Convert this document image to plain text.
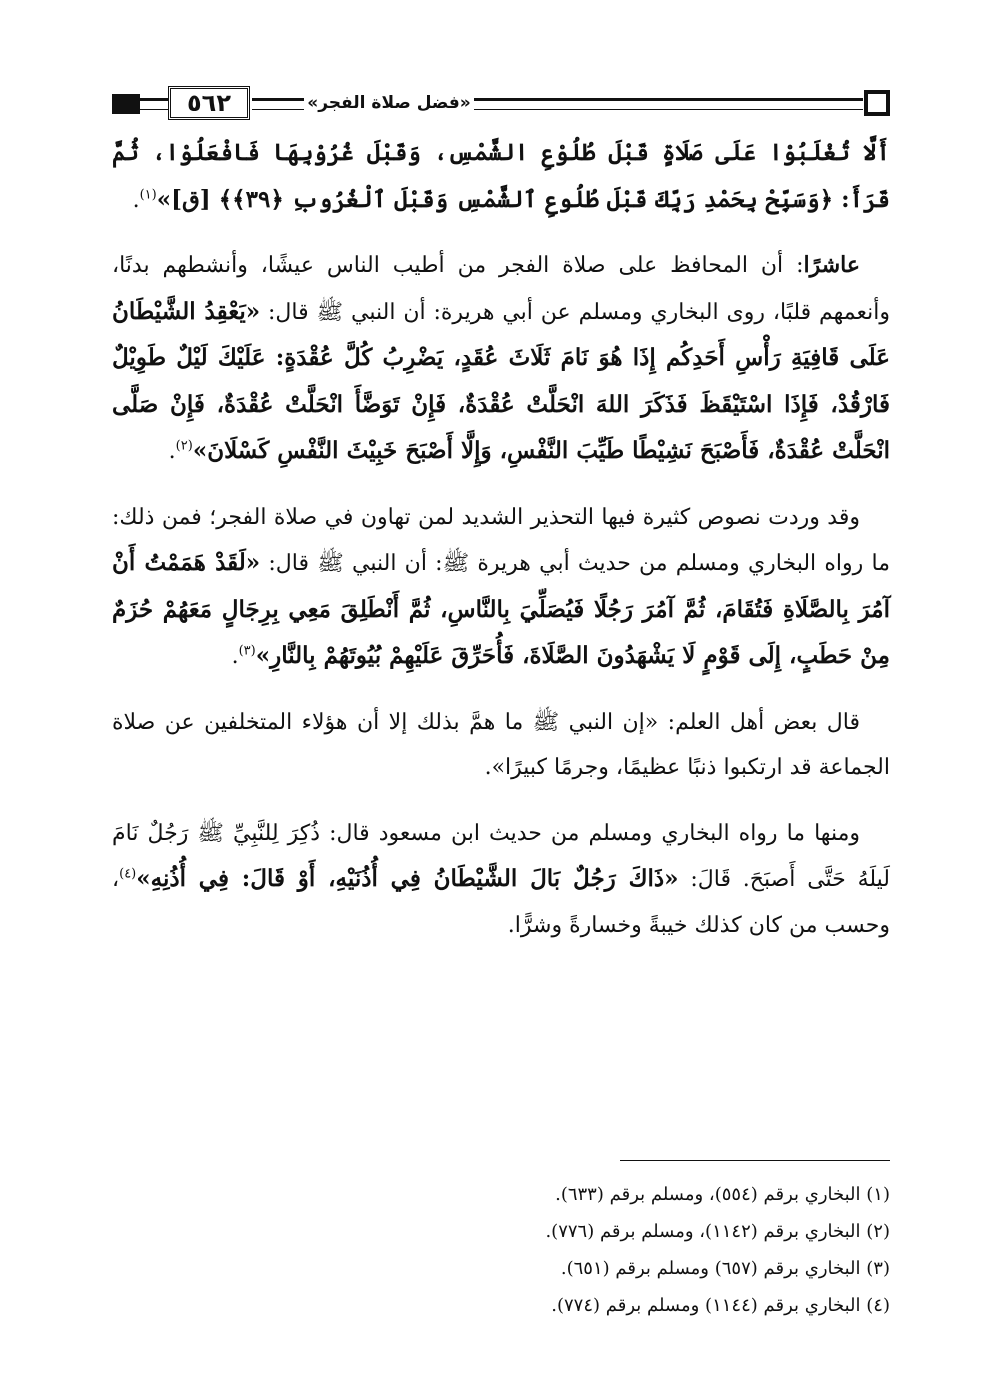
٥٦٢	«فضل صلاة الفجر»

أَلَّا تُغْلَبُوْا عَلَى صَلَاةٍ قَبْلَ طُلُوْعِ الشَّمْسِ، وَقَبْلَ غُرُوْبِهَا فَافْعَلُوْا، ثُمَّ قَرَأَ: ﴿وَسَبِّحْ بِحَمْدِ رَبِّكَ قَبْلَ طُلُوعِ ٱلشَّمْسِ وَقَبْلَ ٱلْغُرُوبِ ﴿٣٩﴾﴾ [ق]»$^{(١)}$.

عاشرًا: أن المحافظ على صلاة الفجر من أطيب الناس عيشًا، وأنشطهم بدنًا، وأنعمهم قلبًا، روى البخاري ومسلم عن أبي هريرة: أن النبي ﷺ قال: «يَعْقِدُ الشَّيْطَانُ عَلَى قَافِيَةِ رَأْسِ أَحَدِكُم إِذَا هُوَ نَامَ ثَلَاثَ عُقَدٍ، يَضْرِبُ كُلَّ عُقْدَةٍ: عَلَيْكَ لَيْلٌ طَوِيْلٌ فَارْقُدْ، فَإِذَا اسْتَيْقَظَ فَذَكَرَ اللهَ انْحَلَّتْ عُقْدَةٌ، فَإِنْ تَوَضَّأَ انْحَلَّتْ عُقْدَةٌ، فَإِنْ صَلَّى انْحَلَّتْ عُقْدَةٌ، فَأَصْبَحَ نَشِيْطًا طَيِّبَ النَّفْسِ، وَإِلَّا أَصْبَحَ خَبِيْثَ النَّفْسِ كَسْلَانَ»$^{(٢)}$.

وقد وردت نصوص كثيرة فيها التحذير الشديد لمن تهاون في صلاة الفجر؛ فمن ذلك: ما رواه البخاري ومسلم من حديث أبي هريرة ﷺ: أن النبي ﷺ قال: «لَقَدْ هَمَمْتُ أَنْ آمُرَ بِالصَّلَاةِ فَتُقَامَ، ثُمَّ آمُرَ رَجُلًا فَيُصَلِّيَ بِالنَّاسِ، ثُمَّ أَنْطَلِقَ مَعِي بِرِجَالٍ مَعَهُمْ حُزَمٌ مِنْ حَطَبٍ، إِلَى قَوْمٍ لَا يَشْهَدُونَ الصَّلَاةَ، فَأُحَرِّقَ عَلَيْهِمْ بُيُوتَهُمْ بِالنَّارِ»$^{(٣)}$.

قال بعض أهل العلم: «إن النبي ﷺ ما همَّ بذلك إلا أن هؤلاء المتخلفين عن صلاة الجماعة قد ارتكبوا ذنبًا عظيمًا، وجرمًا كبيرًا».

ومنها ما رواه البخاري ومسلم من حديث ابن مسعود قال: ذُكِرَ لِلنَّبِيِّ ﷺ رَجُلٌ نَامَ لَيلَهُ حَتَّى أَصبَحَ. قَالَ: «ذَاكَ رَجُلٌ بَالَ الشَّيْطَانُ فِي أُذُنَيْهِ، أَوْ قَالَ: فِي أُذُنِهِ»$^{(٤)}$، وحسب من كان كذلك خيبةً وخسارةً وشرًّا.

(١) البخاري برقم (٥٥٤)، ومسلم برقم (٦٣٣).
(٢) البخاري برقم (١١٤٢)، ومسلم برقم (٧٧٦).
(٣) البخاري برقم (٦٥٧) ومسلم برقم (٦٥١).
(٤) البخاري برقم (١١٤٤) ومسلم برقم (٧٧٤).
